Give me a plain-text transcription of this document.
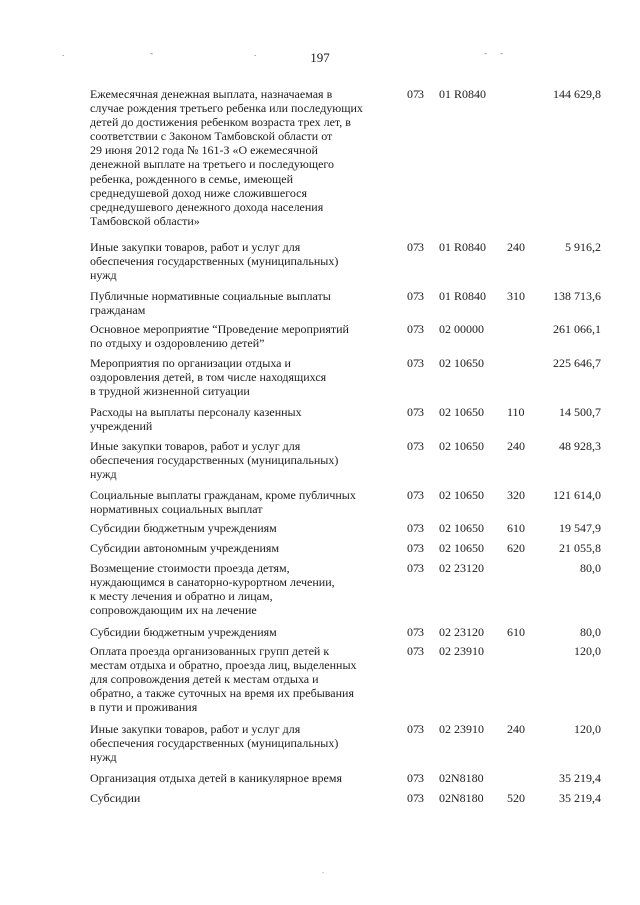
.	-	.	- -
197
Ежемесячная денежная выплата, назначаемая в
случае рождения третьего ребенка или последующих
детей до достижения ребенком возраста трех лет, в
соответствии с Законом Тамбовской области от
29 июня 2012 года № 161-З «О ежемесячной
денежной выплате на третьего и последующего
ребенка, рожденного в семье, имеющей
среднедушевой доход ниже сложившегося
среднедушевого денежного дохода населения
Тамбовской области»
073 01 R0840	144 629,8
Иные закупки товаров, работ и услуг для
обеспечения государственных (муниципальных)
нужд
073 01 R0840 240	5 916,2
Публичные нормативные социальные выплаты
гражданам
073 01 R0840 310	138 713,6
Основное мероприятие “Проведение мероприятий
по отдыху и оздоровлению детей”
073 02 00000	261 066,1
Мероприятия по организации отдыха и
оздоровления детей, в том числе находящихся
в трудной жизненной ситуации
073 02 10650	225 646,7
Расходы на выплаты персоналу казенных
учреждений
073 02 10650 110	14 500,7
Иные закупки товаров, работ и услуг для
обеспечения государственных (муниципальных)
нужд
073 02 10650 240	48 928,3
Социальные выплаты гражданам, кроме публичных
нормативных социальных выплат
073 02 10650 320	121 614,0
Субсидии бюджетным учреждениям	073 02 10650 610	19 547,9
Субсидии автономным учреждениям	073 02 10650 620	21 055,8
Возмещение стоимости проезда детям,
нуждающимся в санаторно-курортном лечении,
к месту лечения и обратно и лицам,
сопровождающим их на лечение
073 02 23120	80,0
Субсидии бюджетным учреждениям	073 02 23120 610	80,0
Оплата проезда организованных групп детей к
местам отдыха и обратно, проезда лиц, выделенных
для сопровождения детей к местам отдыха и
обратно, а также суточных на время их пребывания
в пути и проживания
073 02 23910	120,0
Иные закупки товаров, работ и услуг для
обеспечения государственных (муниципальных)
нужд
073 02 23910 240	120,0
Организация отдыха детей в каникулярное время	073 02N8180	35 219,4
Субсидии	073 02N8180 520	35 219,4
.
